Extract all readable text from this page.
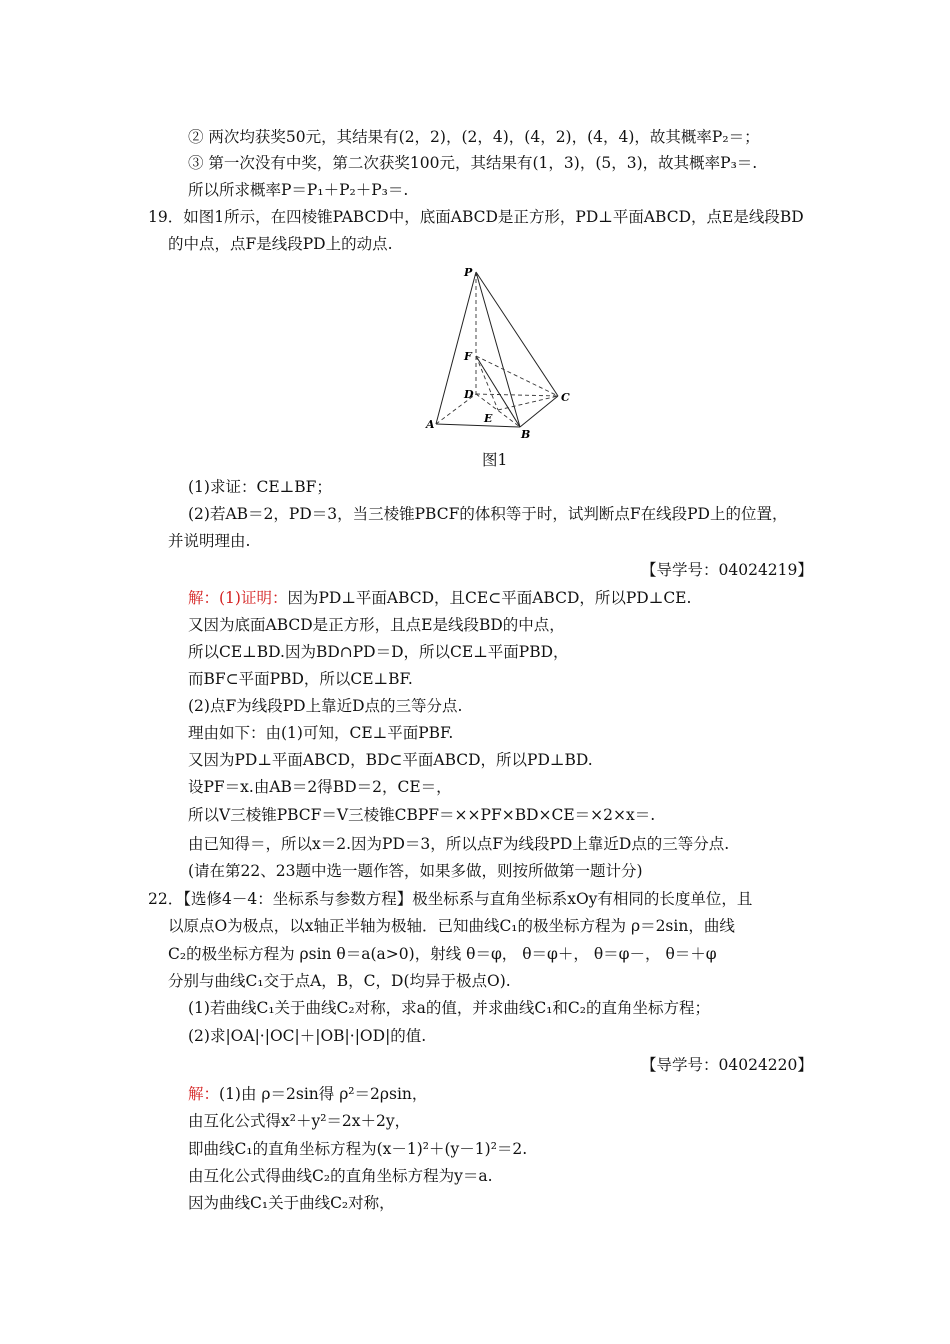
② 两次均获奖50元，其结果有(2，2)，(2，4)，(4，2)，(4，4)，故其概率P₂＝；
③ 第一次没有中奖，第二次获奖100元，其结果有(1，3)，(5，3)，故其概率P₃＝.
所以所求概率P＝P₁＋P₂＋P₃＝.
19．如图1所示，在四棱锥PABCD中，底面ABCD是正方形，PD⊥平面ABCD，点E是线段BD
的中点，点F是线段PD上的动点.
P
F
D	C
E
A
B
图1
(1)求证：CE⊥BF；
(2)若AB＝2，PD＝3，当三棱锥PBCF的体积等于时，试判断点F在线段PD上的位置，
并说明理由.
【导学号：04024219】
解：(1)证明：因为PD⊥平面ABCD，且CE⊂平面ABCD，所以PD⊥CE.
又因为底面ABCD是正方形，且点E是线段BD的中点，
所以CE⊥BD.因为BD∩PD＝D，所以CE⊥平面PBD，
而BF⊂平面PBD，所以CE⊥BF.
(2)点F为线段PD上靠近D点的三等分点.
理由如下：由(1)可知，CE⊥平面PBF.
又因为PD⊥平面ABCD，BD⊂平面ABCD，所以PD⊥BD.
设PF＝x.由AB＝2得BD＝2，CE＝，
所以V三棱锥PBCF＝V三棱锥CBPF＝××PF×BD×CE＝×2×x＝.
由已知得＝，所以x＝2.因为PD＝3，所以点F为线段PD上靠近D点的三等分点.
(请在第22、23题中选一题作答，如果多做，则按所做第一题计分)
22．【选修4－4：坐标系与参数方程】极坐标系与直角坐标系xOy有相同的长度单位，且
以原点O为极点，以x轴正半轴为极轴．已知曲线C₁的极坐标方程为 ρ＝2sin，曲线
C₂的极坐标方程为 ρsin θ＝a(a>0)，射线 θ＝φ， θ＝φ＋， θ＝φ－， θ＝＋φ
分别与曲线C₁交于点A，B，C，D(均异于极点O).
(1)若曲线C₁关于曲线C₂对称，求a的值，并求曲线C₁和C₂的直角坐标方程；
(2)求|OA|·|OC|＋|OB|·|OD|的值.
【导学号：04024220】
解：(1)由 ρ＝2sin得 ρ²＝2ρsin，
由互化公式得x²＋y²＝2x＋2y，
即曲线C₁的直角坐标方程为(x－1)²＋(y－1)²＝2.
由互化公式得曲线C₂的直角坐标方程为y＝a.
因为曲线C₁关于曲线C₂对称，
